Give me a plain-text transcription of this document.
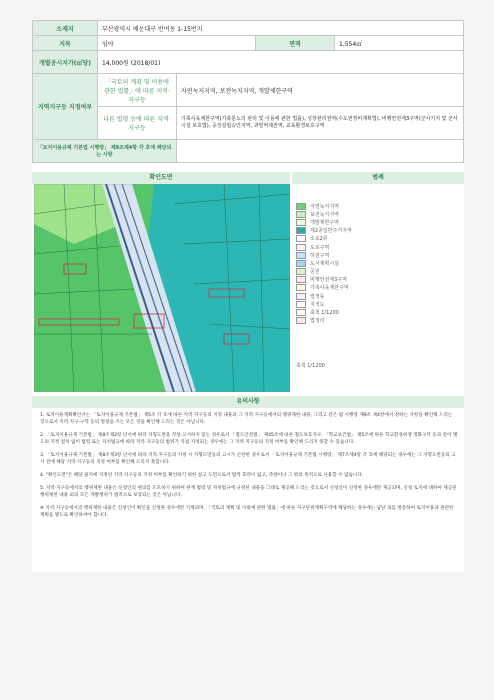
소재지	부산광역시 해운대구 반여동 1-15번지			
지목	임야		면적	1,554㎡
개별공시지가(㎡당)	14,000원 (2018/01)			
지역지구등 지정여부	「국토의 계획 및 이용에 관한 법률」에 따른 지역·지구등	자연녹지지역, 보전녹지지역, 개발제한구역		
	다른 법령 등에 따른 지역·지구등	가축사육제한구역(가축분뇨의 관리 및 이용에 관한 법률), 성장관리권역(수도권정비계획법), 비행안전제3구역(군사기지 및 군사시설 보호법), 공장설립승인지역, 과밀억제권역, 교육환경보호구역		
「토지이용규제 기본법 시행령」 제9조제4항 각 호에 해당되는 사항				
확인도면	범례
자연녹지지역
보전녹지지역
개발제한구역
제2종일반주거지역
소로2류
도로구역
하천구역
도시계획시설
공원
비행안전제3구역
가축사육제한구역
법정동
지적도
축척 1/1200
법정리
축척 1/1200
유의사항

1. 토지이용계획확인서는 「토지이용규제 기본법」 제5조 각 호에 따른 지역·지구등의 지정 내용과 그 지역·지구등에서의 행위제한 내용, 그리고 같은 법 시행령 제9조 제4항에서 정하는 사항을 확인해 드리는 것으로서 지역·지구·구역 등의 명칭을 쓰는 모든 것을 확인해 드리는 것은 아닙니다.

2. 「토지이용규제 기본법」 제8조제2항 단서에 따라 지형도면을 작성·고시하지 않는 경우로서 「철도안전법」 제45조에 따른 철도보호지구, 「학교보건법」 제5조에 따른 학교환경위생 정화구역 등과 같이 별도의 지정 절차 없이 법령 또는 자치법규에 따라 지역·지구등의 범위가 직접 지정되는 경우에는 그 지역·지구등의 지정 여부를 확인해 드리지 못할 수 있습니다.

3. 「토지이용규제 기본법」 제8조제3항 단서에 따라 지역·지구등의 지정 시 지형도면등의 고시가 곤란한 경우로서 「토지이용규제 기본법 시행령」 제7조제4항 각 호에 해당되는 경우에는 그 지형도면등의 고시 전에 해당 지역·지구등의 지정 여부를 확인해 드리지 못합니다.

4. "확인도면"은 해당 필지에 지정된 지역·지구등의 지정 여부를 확인하기 위한 참고 도면으로서 법적 효력이 없고, 측량이나 그 밖의 목적으로 사용할 수 없습니다.

5. 지역·지구등에서의 행위제한 내용은 신청인의 편의를 도모하기 위하여 관계 법령 및 자치법규에 규정된 내용을 그대로 제공해 드리는 것으로서 신청인이 신청한 경우에만 제공되며, 신청 토지에 대하여 제공된 행위제한 내용 외의 모든 개발행위가 법적으로 보장되는 것은 아닙니다.

※ 지역·지구등에서의 행위제한 내용은 신청인이 확인을 신청한 경우에만 기재되며, 「국토의 계획 및 이용에 관한 법률」에 따른 지구단위계획구역에 해당하는 경우에는 담당 과를 방문하여 토지이용과 관련한 계획을 별도로 확인하셔야 합니다.
